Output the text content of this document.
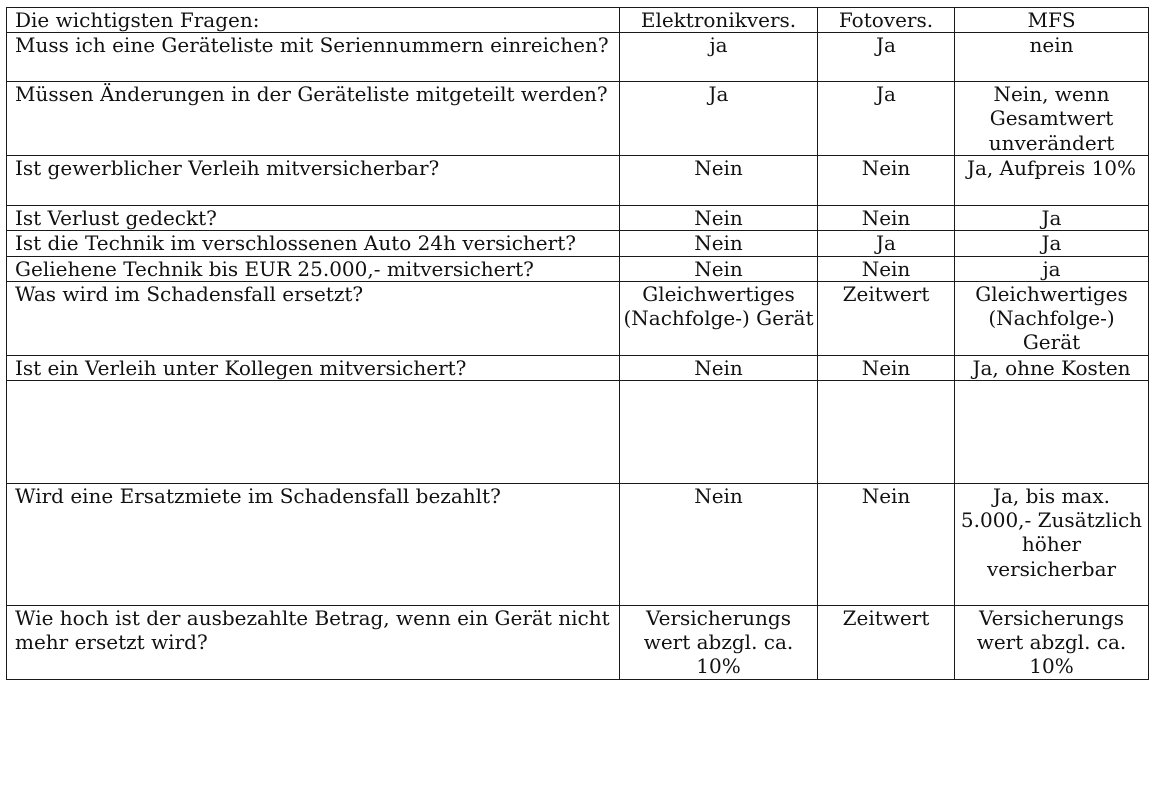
Die wichtigsten Fragen:	Elektronikvers.	Fotovers.	MFS
Muss ich eine Geräteliste mit Seriennummern einreichen?	ja	Ja	nein
Müssen Änderungen in der Geräteliste mitgeteilt werden?	Ja	Ja	Nein, wenn Gesamtwert unverändert
Ist gewerblicher Verleih mitversicherbar?	Nein	Nein	Ja, Aufpreis 10%
Ist Verlust gedeckt?	Nein	Nein	Ja
Ist die Technik im verschlossenen Auto 24h versichert?	Nein	Ja	Ja
Geliehene Technik bis EUR 25.000,- mitversichert?	Nein	Nein	ja
Was wird im Schadensfall ersetzt?	Gleichwertiges (Nachfolge-) Gerät	Zeitwert	Gleichwertiges (Nachfolge-) Gerät
Ist ein Verleih unter Kollegen mitversichert?	Nein	Nein	Ja, ohne Kosten

Wird eine Ersatzmiete im Schadensfall bezahlt?	Nein	Nein	Ja, bis max. 5.000,- Zusätzlich höher versicherbar
Wie hoch ist der ausbezahlte Betrag, wenn ein Gerät nicht mehr ersetzt wird?	Versicherungs wert abzgl. ca. 10%	Zeitwert	Versicherungs wert abzgl. ca. 10%
